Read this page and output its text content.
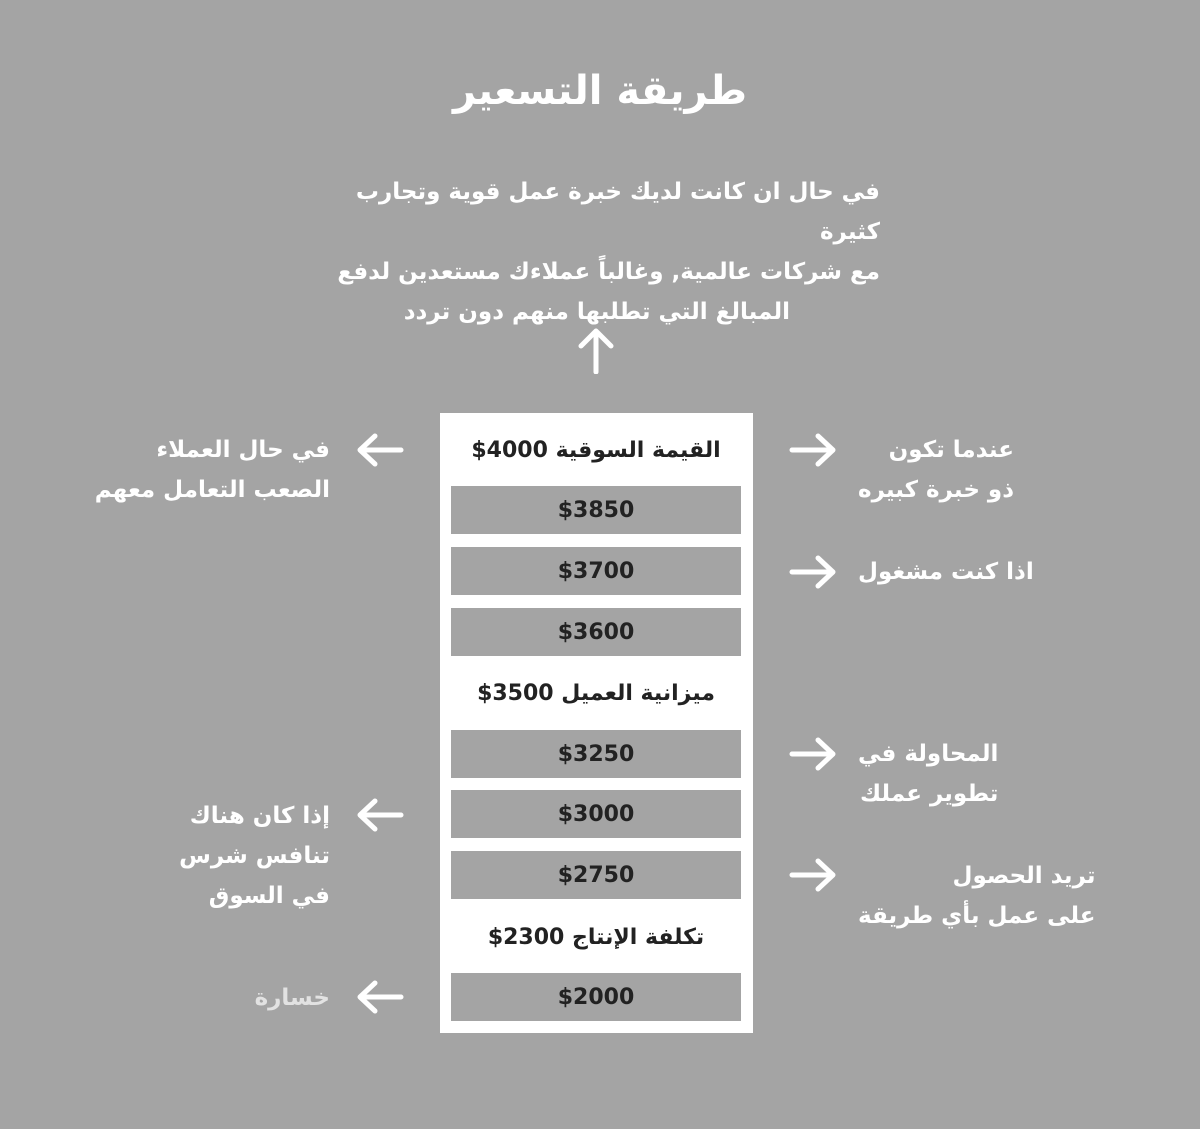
طريقة التسعير
في حال ان كانت لديك خبرة عمل قوية وتجارب كثيرة
مع شركات عالمية, وغالباً عملاءك مستعدين لدفع
المبالغ التي تطلبها منهم دون تردد
القيمة السوقية

$4000
$3850
$3700
$3600
ميزانية العميل

$3500
$3250
$3000
$2750
تكلفة الإنتاج

$2300
$2000
عندما تكون
ذو خبرة كبيره
اذا كنت مشغول
المحاولة في
تطوير عملك
تريد الحصول
على عمل بأي طريقة
في حال العملاء
الصعب التعامل معهم
إذا كان هناك
تنافس شرس
في السوق
خسارة
